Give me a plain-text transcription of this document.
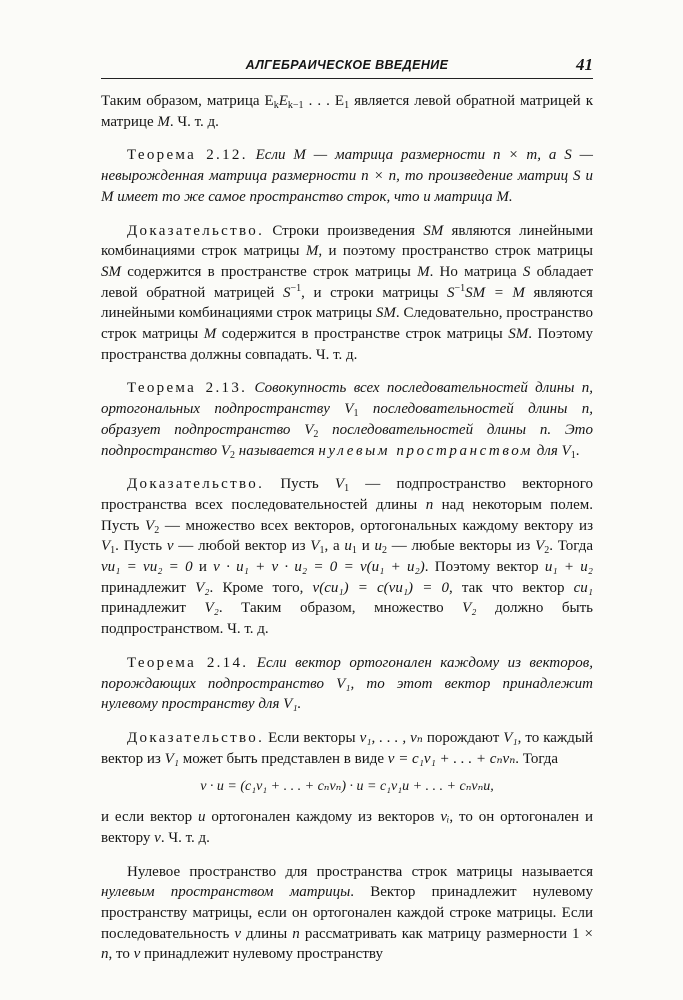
АЛГЕБРАИЧЕСКОЕ ВВЕДЕНИЕ	41

Таким образом, матрица $E_kE_{k-1}$ . . . $E_1$ является левой обратной матрицей к матрице M. Ч. т. д.

Теорема 2.12. Если M — матрица размерности n × m, а S — невырожденная матрица размерности n × n, то произведение матриц S и M имеет то же самое пространство строк, что и матрица M.

Доказательство. Строки произведения SM являются линейными комбинациями строк матрицы M, и поэтому пространство строк матрицы SM содержится в пространстве строк матрицы M. Но матрица S обладает левой обратной матрицей $S^{-1}$, и строки матрицы $S^{-1}SM = M$ являются линейными комбинациями строк матрицы SM. Следовательно, пространство строк матрицы M содержится в пространстве строк матрицы SM. Поэтому пространства должны совпадать. Ч. т. д.

Теорема 2.13. Совокупность всех последовательностей длины n, ортогональных подпространству $V_1$ последовательностей длины n, образует подпространство $V_2$ последовательностей длины n. Это подпространство $V_2$ называется нулевым пространством для $V_1$.

Доказательство. Пусть $V_1$ — подпространство векторного пространства всех последовательностей длины n над некоторым полем. Пусть $V_2$ — множество всех векторов, ортогональных каждому вектору из $V_1$. Пусть v — любой вектор из $V_1$, а $u_1$ и $u_2$ — любые векторы из $V_2$. Тогда vu₁ = vu₂ = 0 и v · u₁ + v · u₂ = 0 = v(u₁ + u₂). Поэтому вектор u₁ + u₂ принадлежит V₂. Кроме того, v(cu₁) = c(vu₁) = 0, так что вектор cu₁ принадлежит V₂. Таким образом, множество V₂ должно быть подпространством. Ч. т. д.

Теорема 2.14. Если вектор ортогонален каждому из векторов, порождающих подпространство V₁, то этот вектор принадлежит нулевому пространству для V₁.

Доказательство. Если векторы v₁, . . . , vₙ порождают V₁, то каждый вектор из V₁ может быть представлен в виде v = c₁v₁ + . . . + cₙvₙ. Тогда

v · u = (c₁v₁ + . . . + cₙvₙ) · u = c₁v₁u + . . . + cₙvₙu,

и если вектор u ортогонален каждому из векторов vᵢ, то он ортогонален и вектору v. Ч. т. д.

Нулевое пространство для пространства строк матрицы называется нулевым пространством матрицы. Вектор принадлежит нулевому пространству матрицы, если он ортогонален каждой строке матрицы. Если последовательность v длины n рассматривать как матрицу размерности 1 × n, то v принадлежит нулевому пространству
